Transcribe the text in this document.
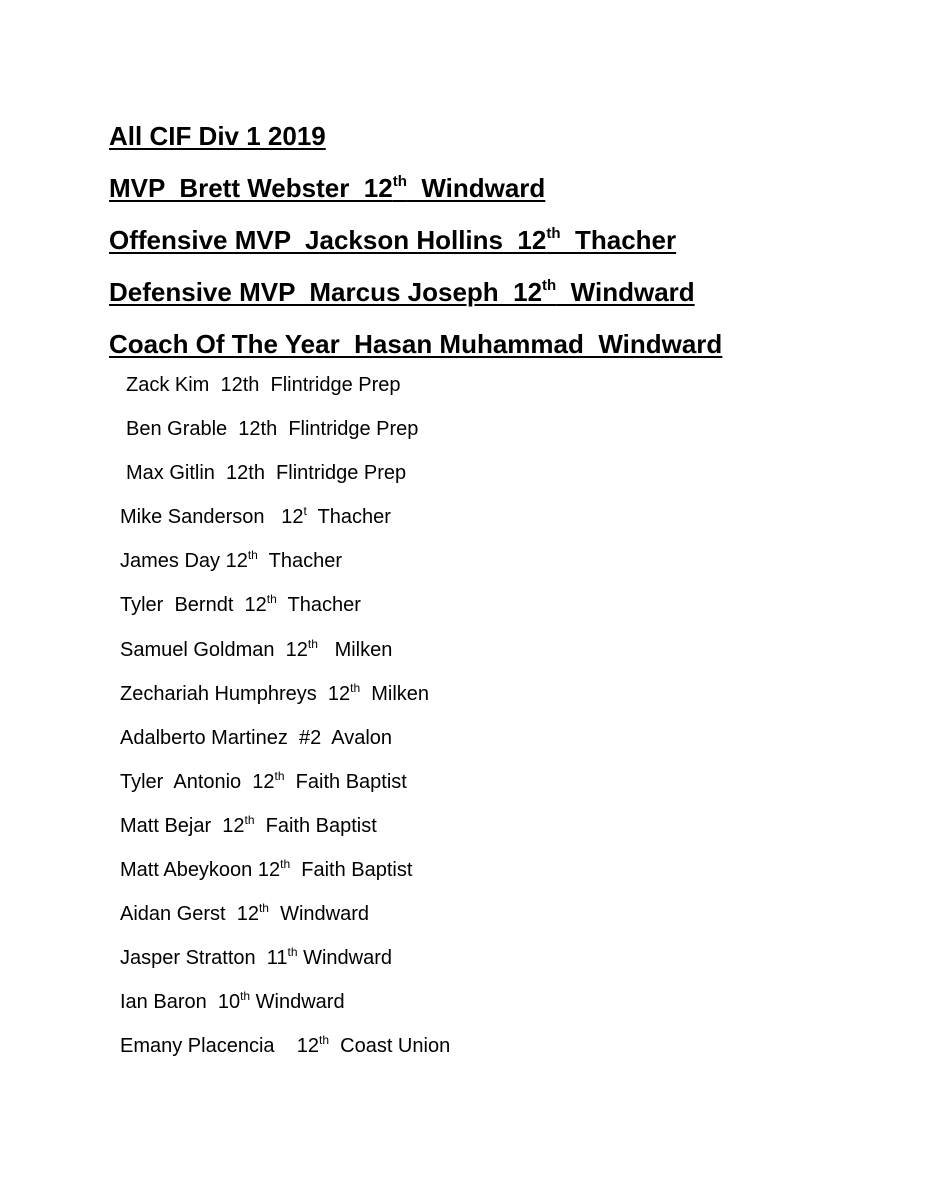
All CIF Div 1 2019
MVP  Brett Webster  12th  Windward
Offensive MVP  Jackson Hollins  12th  Thacher
Defensive MVP  Marcus Joseph  12th  Windward
Coach Of The Year  Hasan Muhammad  Windward
Zack Kim  12th  Flintridge Prep
Ben Grable  12th  Flintridge Prep
Max Gitlin  12th  Flintridge Prep
Mike Sanderson   12$^t$  Thacher
James Day 12th  Thacher
Tyler  Berndt  12th  Thacher
Samuel Goldman  12th   Milken
Zechariah Humphreys  12th  Milken
Adalberto Martinez  #2  Avalon
Tyler  Antonio  12th  Faith Baptist
Matt Bejar  12th  Faith Baptist
Matt Abeykoon 12th  Faith Baptist
Aidan Gerst  12th  Windward
Jasper Stratton  11th Windward
Ian Baron  10th Windward
Emany Placencia    12th  Coast Union
